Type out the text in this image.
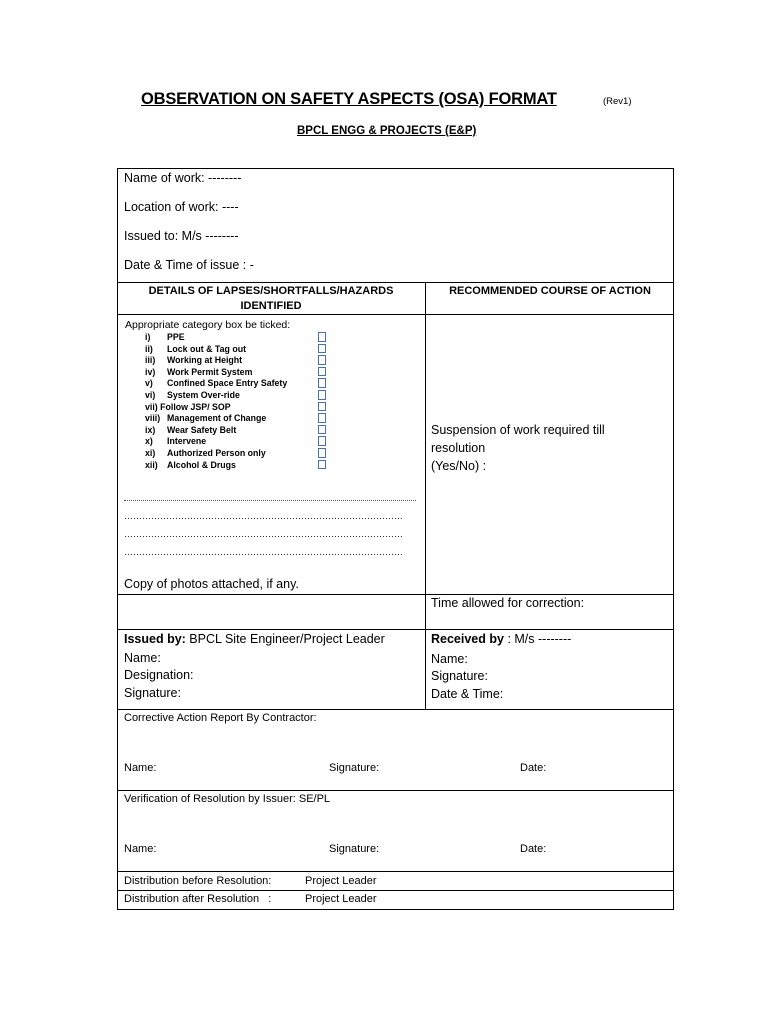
OBSERVATION ON SAFETY ASPECTS (OSA) FORMAT	(Rev1)
BPCL ENGG & PROJECTS (E&P)
Name of work: --------
Location of work: ----
Issued to: M/s --------
Date & Time of issue : -
DETAILS OF LAPSES/SHORTFALLS/HAZARDS IDENTIFIED
RECOMMENDED COURSE OF ACTION
Appropriate category box be ticked:
i)	PPE
ii)	Lock out & Tag out
iii)	Working at Height
iv)	Work Permit System
v)	Confined Space Entry Safety
vi)	System Over-ride
vii)
Follow JSP/ SOP
viii) Management of Change
ix)	Wear Safety Belt
x)	Intervene
xi)	Authorized Person only
xii)	Alcohol & Drugs
…………………………………………………………………………………
…………………………………………………………………………………
…………………………………………………………………………………
Copy of photos attached, if any.
Suspension of work required till
resolution
(Yes/No) :
Time allowed for correction:
Issued by: BPCL Site Engineer/Project Leader
Name:
Designation:
Signature:
Received by : M/s --------
Name:
Signature:
Date & Time:
Corrective Action Report By Contractor:
Name:	Signature:	Date:
Verification of Resolution by Issuer: SE/PL
Name:	Signature:	Date:
Distribution before Resolution:	Project Leader
Distribution after Resolution   :	Project Leader
